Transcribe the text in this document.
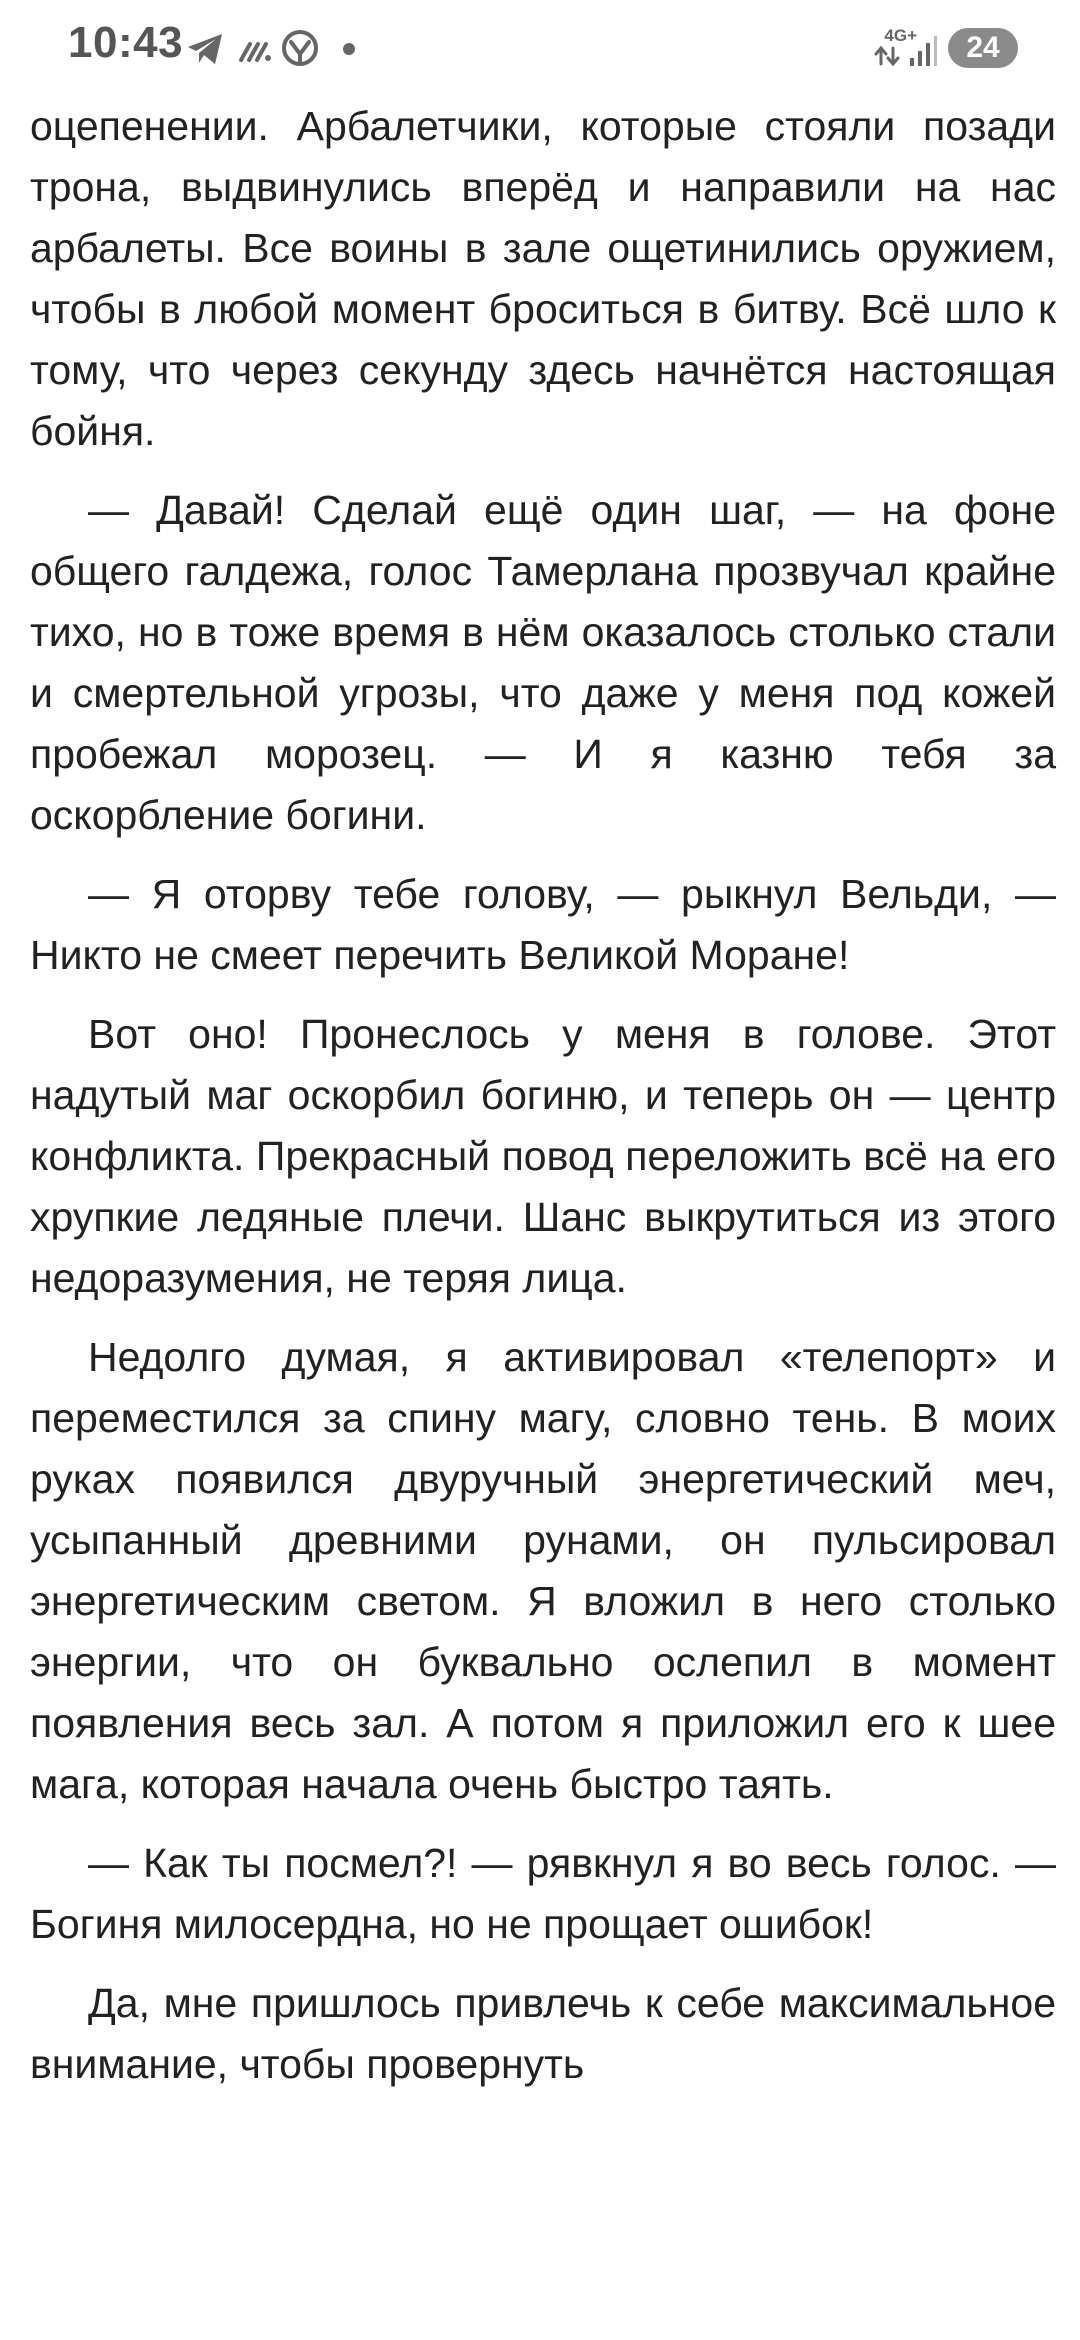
10:43	4G+	24

оцепенении. Арбалетчики, которые стояли позади трона, выдвинулись вперёд и направили на нас арбалеты. Все воины в зале ощетинились оружием, чтобы в любой момент броситься в битву. Всё шло к тому, что через секунду здесь начнётся настоящая бойня.

— Давай! Сделай ещё один шаг, — на фоне общего галдежа, голос Тамерлана прозвучал крайне тихо, но в тоже время в нём оказалось столько стали и смертельной угрозы, что даже у меня под кожей пробежал морозец. — И я казню тебя за оскорбление богини.

— Я оторву тебе голову, — рыкнул Вельди, — Никто не смеет перечить Великой Моране!

Вот оно! Пронеслось у меня в голове. Этот надутый маг оскорбил богиню, и теперь он — центр конфликта. Прекрасный повод переложить всё на его хрупкие ледяные плечи. Шанс выкрутиться из этого недоразумения, не теряя лица.

Недолго думая, я активировал «телепорт» и переместился за спину магу, словно тень. В моих руках появился двуручный энергетический меч, усыпанный древними рунами, он пульсировал энергетическим светом. Я вложил в него столько энергии, что он буквально ослепил в момент появления весь зал. А потом я приложил его к шее мага, которая начала очень быстро таять.

— Как ты посмел?! — рявкнул я во весь голос. — Богиня милосердна, но не прощает ошибок!

Да, мне пришлось привлечь к себе максимальное внимание, чтобы провернуть
